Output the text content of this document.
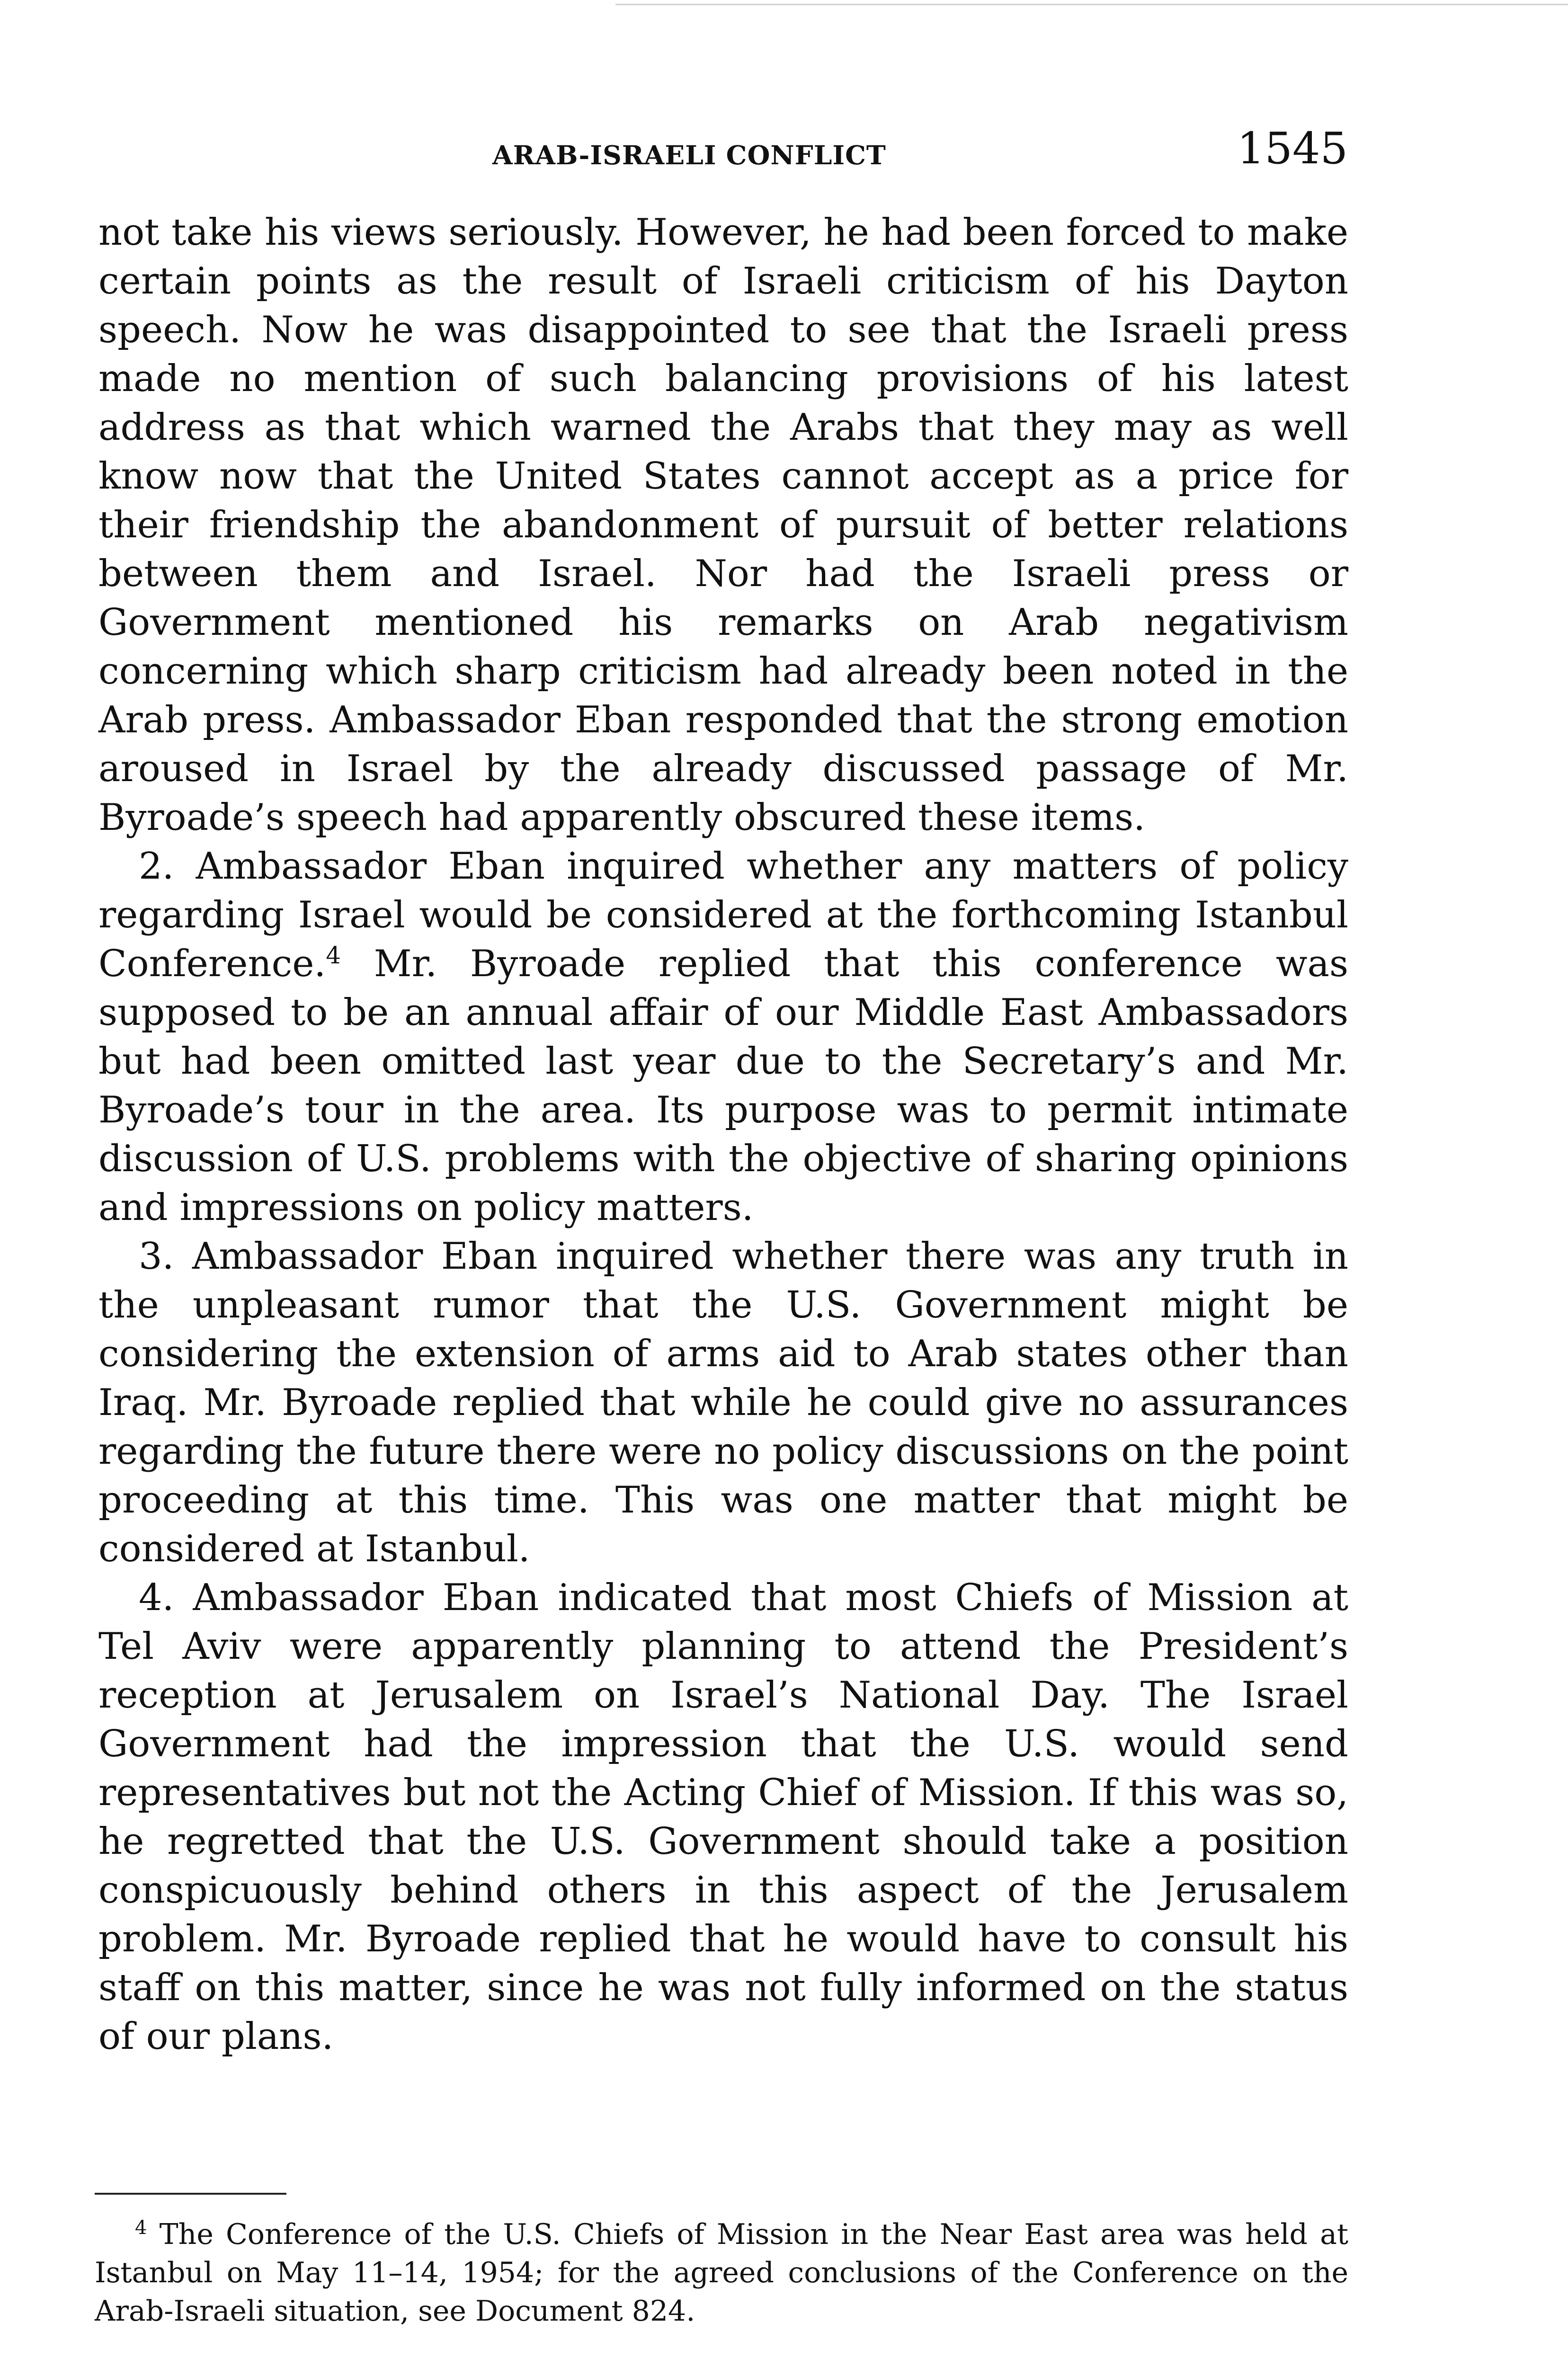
ARAB-ISRAELI CONFLICT	1545

not take his views seriously. However, he had been forced to make certain points as the result of Israeli criticism of his Dayton speech. Now he was disappointed to see that the Israeli press made no mention of such balancing provisions of his latest address as that which warned the Arabs that they may as well know now that the United States cannot accept as a price for their friendship the abandonment of pursuit of better relations between them and Israel. Nor had the Israeli press or Government mentioned his remarks on Arab negativism concerning which sharp criticism had already been noted in the Arab press. Ambassador Eban responded that the strong emotion aroused in Israel by the already discussed passage of Mr. Byroade’s speech had apparently obscured these items.

2. Ambassador Eban inquired whether any matters of policy regarding Israel would be considered at the forthcoming Istanbul Conference.$^4$ Mr. Byroade replied that this conference was supposed to be an annual affair of our Middle East Ambassadors but had been omitted last year due to the Secretary’s and Mr. Byroade’s tour in the area. Its purpose was to permit intimate discussion of U.S. problems with the objective of sharing opinions and impressions on policy matters.

3. Ambassador Eban inquired whether there was any truth in the unpleasant rumor that the U.S. Government might be considering the extension of arms aid to Arab states other than Iraq. Mr. Byroade replied that while he could give no assurances regarding the future there were no policy discussions on the point proceeding at this time. This was one matter that might be considered at Istanbul.

4. Ambassador Eban indicated that most Chiefs of Mission at Tel Aviv were apparently planning to attend the President’s reception at Jerusalem on Israel’s National Day. The Israel Government had the impression that the U.S. would send representatives but not the Acting Chief of Mission. If this was so, he regretted that the U.S. Government should take a position conspicuously behind others in this aspect of the Jerusalem problem. Mr. Byroade replied that he would have to consult his staff on this matter, since he was not fully informed on the status of our plans.

$^4$ The Conference of the U.S. Chiefs of Mission in the Near East area was held at Istanbul on May 11–14, 1954; for the agreed conclusions of the Conference on the Arab-Israeli situation, see Document 824.
